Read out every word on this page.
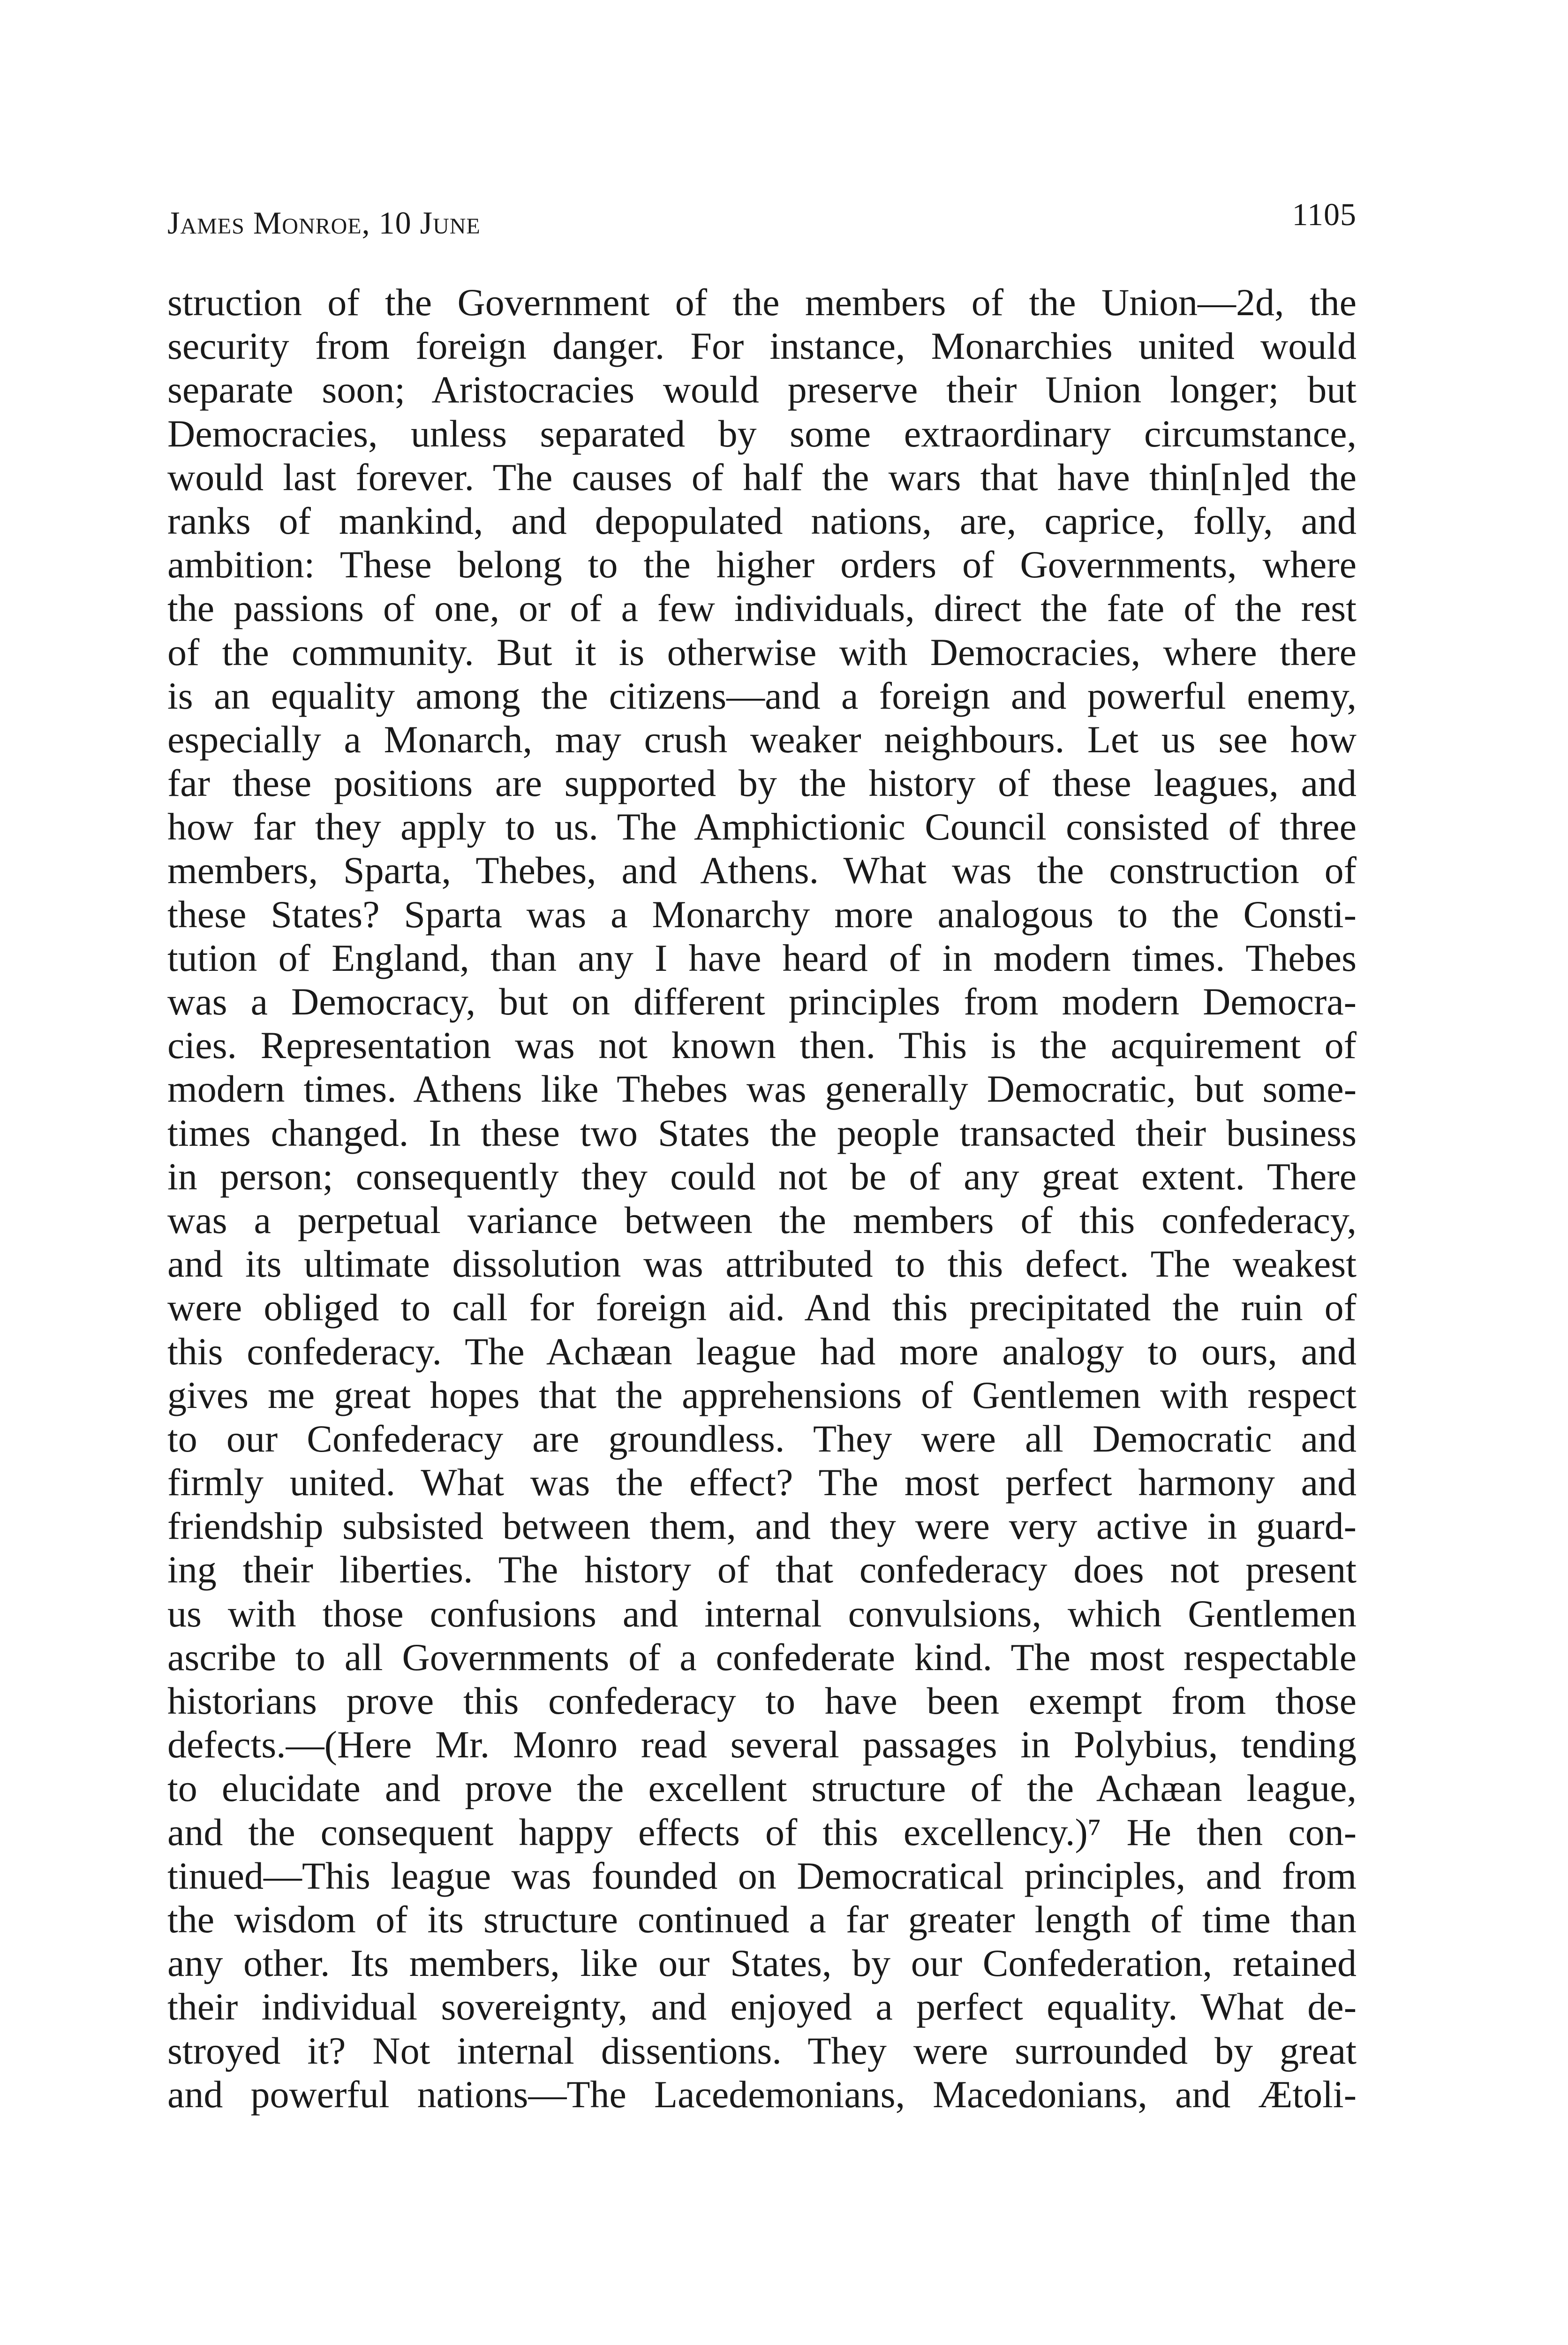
James Monroe, 10 June	1105
struction of the Government of the members of the Union—2d, the
security from foreign danger. For instance, Monarchies united would
separate soon; Aristocracies would preserve their Union longer; but
Democracies, unless separated by some extraordinary circumstance,
would last forever. The causes of half the wars that have thin[n]ed the
ranks of mankind, and depopulated nations, are, caprice, folly, and
ambition: These belong to the higher orders of Governments, where
the passions of one, or of a few individuals, direct the fate of the rest
of the community. But it is otherwise with Democracies, where there
is an equality among the citizens—and a foreign and powerful enemy,
especially a Monarch, may crush weaker neighbours. Let us see how
far these positions are supported by the history of these leagues, and
how far they apply to us. The Amphictionic Council consisted of three
members, Sparta, Thebes, and Athens. What was the construction of
these States? Sparta was a Monarchy more analogous to the Consti-
tution of England, than any I have heard of in modern times. Thebes
was a Democracy, but on different principles from modern Democra-
cies. Representation was not known then. This is the acquirement of
modern times. Athens like Thebes was generally Democratic, but some-
times changed. In these two States the people transacted their business
in person; consequently they could not be of any great extent. There
was a perpetual variance between the members of this confederacy,
and its ultimate dissolution was attributed to this defect. The weakest
were obliged to call for foreign aid. And this precipitated the ruin of
this confederacy. The Achæan league had more analogy to ours, and
gives me great hopes that the apprehensions of Gentlemen with respect
to our Confederacy are groundless. They were all Democratic and
firmly united. What was the effect? The most perfect harmony and
friendship subsisted between them, and they were very active in guard-
ing their liberties. The history of that confederacy does not present
us with those confusions and internal convulsions, which Gentlemen
ascribe to all Governments of a confederate kind. The most respectable
historians prove this confederacy to have been exempt from those
defects.—(Here Mr. Monro read several passages in Polybius, tending
to elucidate and prove the excellent structure of the Achæan league,
and the consequent happy effects of this excellency.)⁷ He then con-
tinued—This league was founded on Democratical principles, and from
the wisdom of its structure continued a far greater length of time than
any other. Its members, like our States, by our Confederation, retained
their individual sovereignty, and enjoyed a perfect equality. What de-
stroyed it? Not internal dissentions. They were surrounded by great
and powerful nations—The Lacedemonians, Macedonians, and Ætoli-
